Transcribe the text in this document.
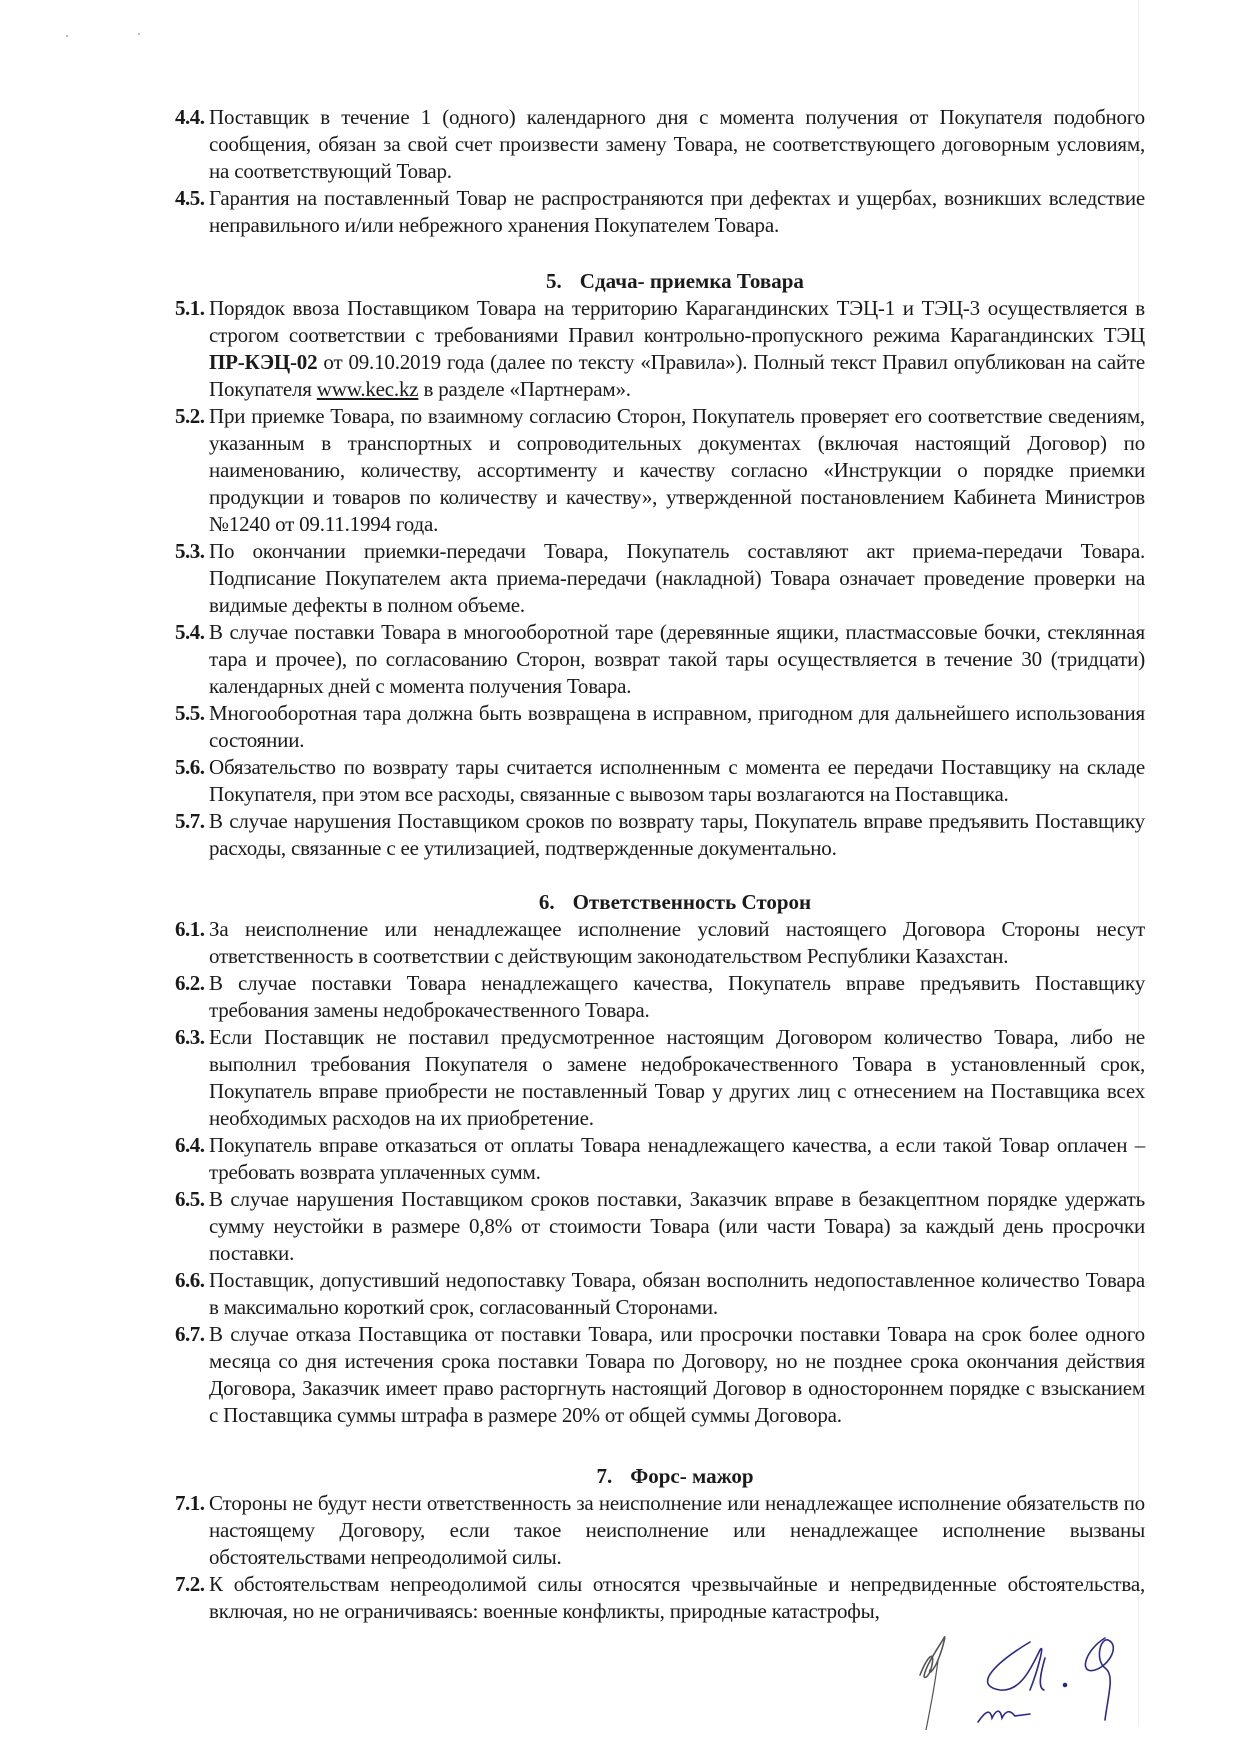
4.4. Поставщик в течение 1 (одного) календарного дня с момента получения от Покупателя подобного сообщения, обязан за свой счет произвести замену Товара, не соответствующего договорным условиям, на соответствующий Товар.
4.5. Гарантия на поставленный Товар не распространяются при дефектах и ущербах, возникших вследствие неправильного и/или небрежного хранения Покупателем Товара.
5. Сдача- приемка Товара
5.1. Порядок ввоза Поставщиком Товара на территорию Карагандинских ТЭЦ-1 и ТЭЦ-3 осуществляется в строгом соответствии с требованиями Правил контрольно-пропускного режима Карагандинских ТЭЦ ПР-КЭЦ-02 от 09.10.2019 года (далее по тексту «Правила»). Полный текст Правил опубликован на сайте Покупателя www.kec.kz в разделе «Партнерам».
5.2. При приемке Товара, по взаимному согласию Сторон, Покупатель проверяет его соответствие сведениям, указанным в транспортных и сопроводительных документах (включая настоящий Договор) по наименованию, количеству, ассортименту и качеству согласно «Инструкции о порядке приемки продукции и товаров по количеству и качеству», утвержденной постановлением Кабинета Министров №1240 от 09.11.1994 года.
5.3. По окончании приемки-передачи Товара, Покупатель составляют акт приема-передачи Товара. Подписание Покупателем акта приема-передачи (накладной) Товара означает проведение проверки на видимые дефекты в полном объеме.
5.4. В случае поставки Товара в многооборотной таре (деревянные ящики, пластмассовые бочки, стеклянная тара и прочее), по согласованию Сторон, возврат такой тары осуществляется в течение 30 (тридцати) календарных дней с момента получения Товара.
5.5. Многооборотная тара должна быть возвращена в исправном, пригодном для дальнейшего использования состоянии.
5.6. Обязательство по возврату тары считается исполненным с момента ее передачи Поставщику на складе Покупателя, при этом все расходы, связанные с вывозом тары возлагаются на Поставщика.
5.7. В случае нарушения Поставщиком сроков по возврату тары, Покупатель вправе предъявить Поставщику расходы, связанные с ее утилизацией, подтвержденные документально.
6. Ответственность Сторон
6.1. За неисполнение или ненадлежащее исполнение условий настоящего Договора Стороны несут ответственность в соответствии с действующим законодательством Республики Казахстан.
6.2. В случае поставки Товара ненадлежащего качества, Покупатель вправе предъявить Поставщику требования замены недоброкачественного Товара.
6.3. Если Поставщик не поставил предусмотренное настоящим Договором количество Товара, либо не выполнил требования Покупателя о замене недоброкачественного Товара в установленный срок, Покупатель вправе приобрести не поставленный Товар у других лиц с отнесением на Поставщика всех необходимых расходов на их приобретение.
6.4. Покупатель вправе отказаться от оплаты Товара ненадлежащего качества, а если такой Товар оплачен – требовать возврата уплаченных сумм.
6.5. В случае нарушения Поставщиком сроков поставки, Заказчик вправе в безакцептном порядке удержать сумму неустойки в размере 0,8% от стоимости Товара (или части Товара) за каждый день просрочки поставки.
6.6. Поставщик, допустивший недопоставку Товара, обязан восполнить недопоставленное количество Товара в максимально короткий срок, согласованный Сторонами.
6.7. В случае отказа Поставщика от поставки Товара, или просрочки поставки Товара на срок более одного месяца со дня истечения срока поставки Товара по Договору, но не позднее срока окончания действия Договора, Заказчик имеет право расторгнуть настоящий Договор в одностороннем порядке с взысканием с Поставщика суммы штрафа в размере 20% от общей суммы Договора.
7. Форс- мажор
7.1. Стороны не будут нести ответственность за неисполнение или ненадлежащее исполнение обязательств по настоящему Договору, если такое неисполнение или ненадлежащее исполнение вызваны обстоятельствами непреодолимой силы.
7.2. К обстоятельствам непреодолимой силы относятся чрезвычайные и непредвиденные обстоятельства, включая, но не ограничиваясь: военные конфликты, природные катастрофы,
